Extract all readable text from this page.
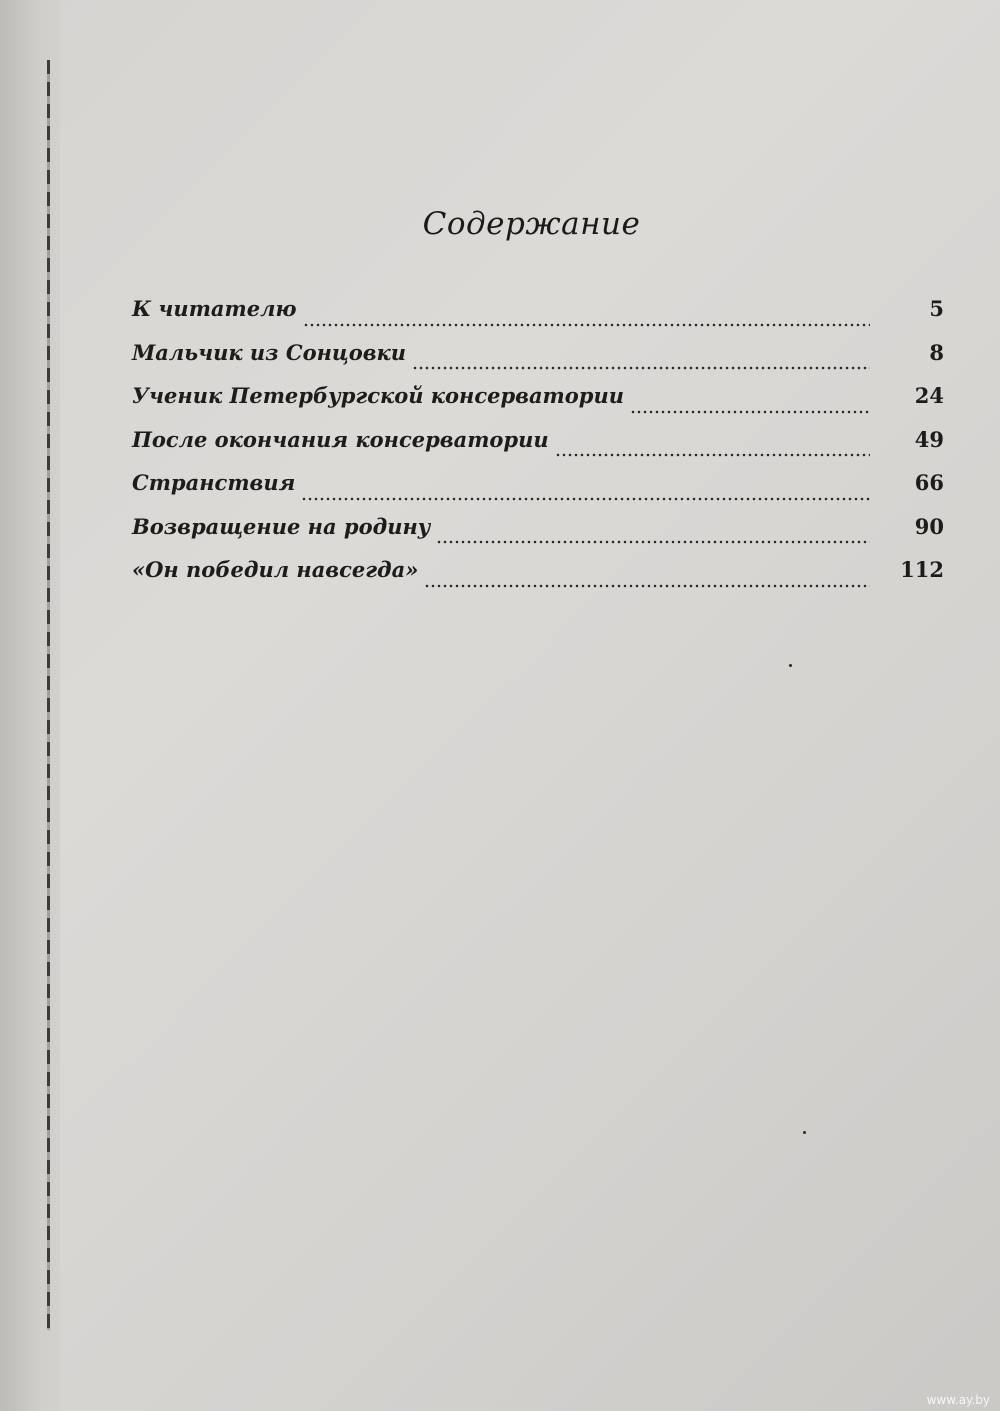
Содержание
К читателю	5
Мальчик из Сонцовки	8
Ученик Петербургской консерватории	24
После окончания консерватории	49
Странствия	66
Возвращение на родину	90
«Он победил навсегда»	112
www.ay.by
